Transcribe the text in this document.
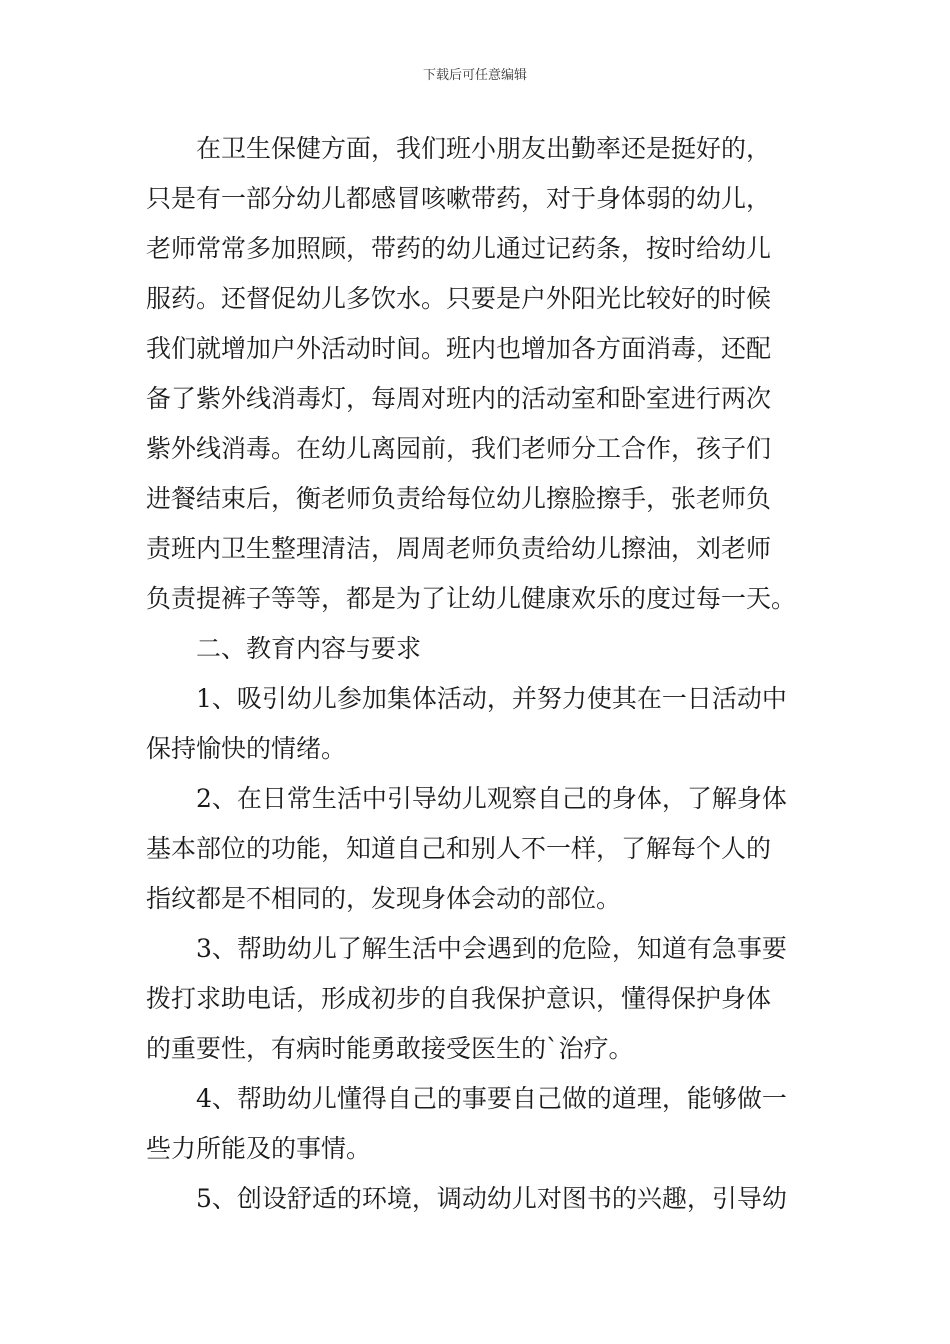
下载后可任意编辑
在卫生保健方面，我们班小朋友出勤率还是挺好的，
只是有一部分幼儿都感冒咳嗽带药，对于身体弱的幼儿，
老师常常多加照顾，带药的幼儿通过记药条，按时给幼儿
服药。还督促幼儿多饮水。只要是户外阳光比较好的时候
我们就增加户外活动时间。班内也增加各方面消毒，还配
备了紫外线消毒灯，每周对班内的活动室和卧室进行两次
紫外线消毒。在幼儿离园前，我们老师分工合作，孩子们
进餐结束后，衡老师负责给每位幼儿擦脸擦手，张老师负
责班内卫生整理清洁，周周老师负责给幼儿擦油，刘老师
负责提裤子等等，都是为了让幼儿健康欢乐的度过每一天。
二、教育内容与要求
1、吸引幼儿参加集体活动，并努力使其在一日活动中
保持愉快的情绪。
2、在日常生活中引导幼儿观察自己的身体，了解身体
基本部位的功能，知道自己和别人不一样，了解每个人的
指纹都是不相同的，发现身体会动的部位。
3、帮助幼儿了解生活中会遇到的危险，知道有急事要
拨打求助电话，形成初步的自我保护意识，懂得保护身体
的重要性，有病时能勇敢接受医生的`治疗。
4、帮助幼儿懂得自己的事要自己做的道理，能够做一
些力所能及的事情。
5、创设舒适的环境，调动幼儿对图书的兴趣，引导幼
